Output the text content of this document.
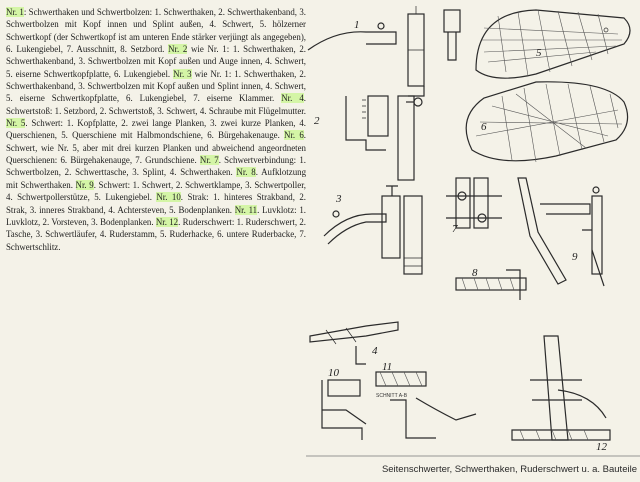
Nr. 1: Schwerthaken und Schwertbolzen: 1. Schwerthaken, 2. Schwerthakenband, 3. Schwertbolzen mit Kopf innen und Splint außen, 4. Schwert, 5. hölzerner Schwertkopf (der Schwertkopf ist am unteren Ende stärker verjüngt als angegeben), 6. Lukengiebel, 7. Ausschnitt, 8. Setzbord. Nr. 2 wie Nr. 1: 1. Schwerthaken, 2. Schwerthakenband, 3. Schwertbolzen mit Kopf außen und Auge innen, 4. Schwert, 5. eiserne Schwertkopfplatte, 6. Lukengiebel. Nr. 3 wie Nr. 1: 1. Schwerthaken, 2. Schwerthakenband, 3. Schwertbolzen mit Kopf außen und Splint innen, 4. Schwert, 5. eiserne Schwertkopfplatte, 6. Lukengiebel, 7. eiserne Klammer. Nr. 4. Schwertstoß: 1. Setzbord, 2. Schwertstoß, 3. Schwert, 4. Schraube mit Flügelmutter. Nr. 5. Schwert: 1. Kopfplatte, 2. zwei lange Planken, 3. zwei kurze Planken, 4. Querschienen, 5. Querschiene mit Halbmondschiene, 6. Bürgehakenauge. Nr. 6. Schwert, wie Nr. 5, aber mit drei kurzen Planken und abweichend angeordneten Querschienen: 6. Bürgehakenauge, 7. Grundschiene. Nr. 7. Schwertverbindung: 1. Schwertbolzen, 2. Schwerttasche, 3. Splint, 4. Schwerthaken. Nr. 8. Aufklotzung mit Schwerthaken. Nr. 9. Schwert: 1. Schwert, 2. Schwertklampe, 3. Schwertpoller, 4. Schwertpollerstütze, 5. Lukengiebel. Nr. 10. Strak: 1. hinteres Strakband, 2. Strak, 3. inneres Strakband, 4. Achtersteven, 5. Bodenplanken. Nr. 11. Luvklotz: 1. Luvklotz, 2. Vorsteven, 3. Bodenplanken. Nr. 12. Ruderschwert: 1. Ruderschwert, 2. Tasche, 3. Schwertläufer, 4. Ruderstamm, 5. Ruderhacke, 6. untere Ruderbacke, 7. Schwertschlitz.
1
5
2	6
3
7
9
8
4
10	11
SCHNITT A-B
12
Seitenschwerter, Schwerthaken, Ruderschwert u. a. Bauteile
